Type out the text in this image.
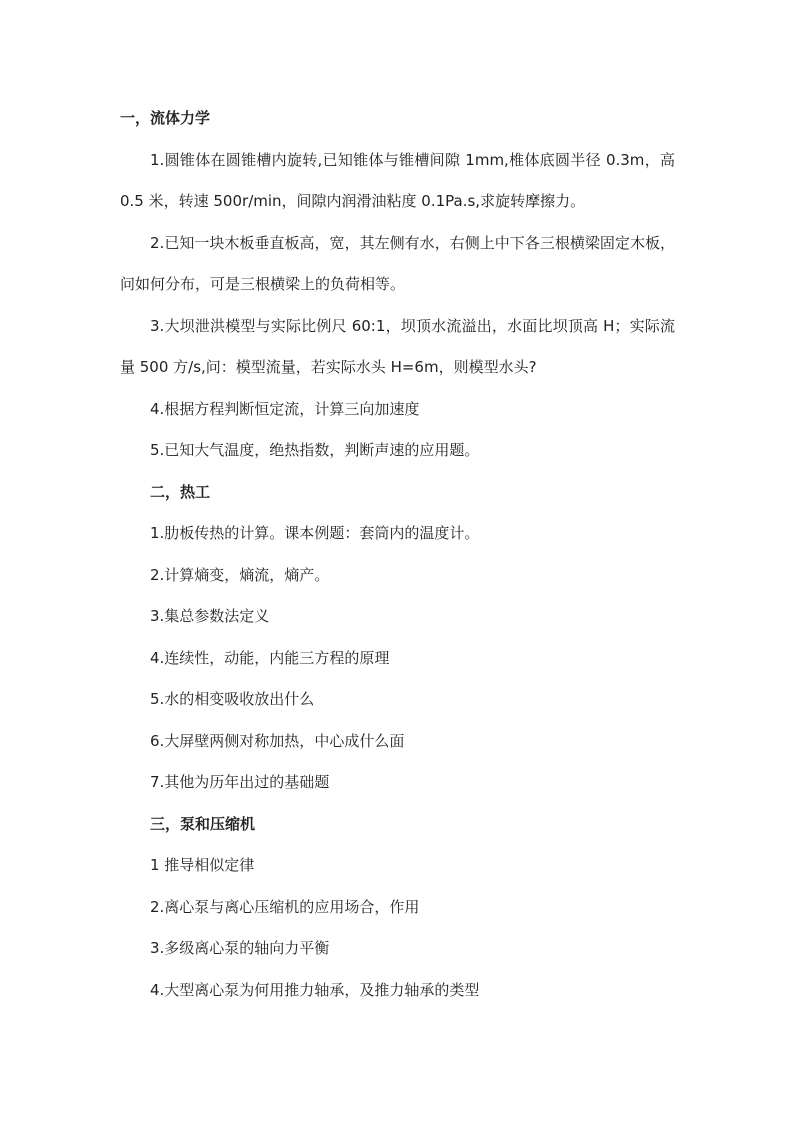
一，流体力学

1.圆锥体在圆锥槽内旋转,已知锥体与锥槽间隙 1mm,椎体底圆半径 0.3m，高 0.5 米，转速 500r/min，间隙内润滑油粘度 0.1Pa.s,求旋转摩擦力。

2.已知一块木板垂直板高，宽，其左侧有水，右侧上中下各三根横梁固定木板，问如何分布，可是三根横梁上的负荷相等。

3.大坝泄洪模型与实际比例尺 60:1，坝顶水流溢出，水面比坝顶高 H；实际流量 500 方/s,问：模型流量，若实际水头 H=6m，则模型水头?

4.根据方程判断恒定流，计算三向加速度

5.已知大气温度，绝热指数，判断声速的应用题。

二，热工

1.肋板传热的计算。课本例题：套筒内的温度计。

2.计算熵变，熵流，熵产。

3.集总参数法定义

4.连续性，动能，内能三方程的原理

5.水的相变吸收放出什么

6.大屏壁两侧对称加热，中心成什么面

7.其他为历年出过的基础题

三，泵和压缩机

1 推导相似定律

2.离心泵与离心压缩机的应用场合，作用

3.多级离心泵的轴向力平衡

4.大型离心泵为何用推力轴承，及推力轴承的类型
